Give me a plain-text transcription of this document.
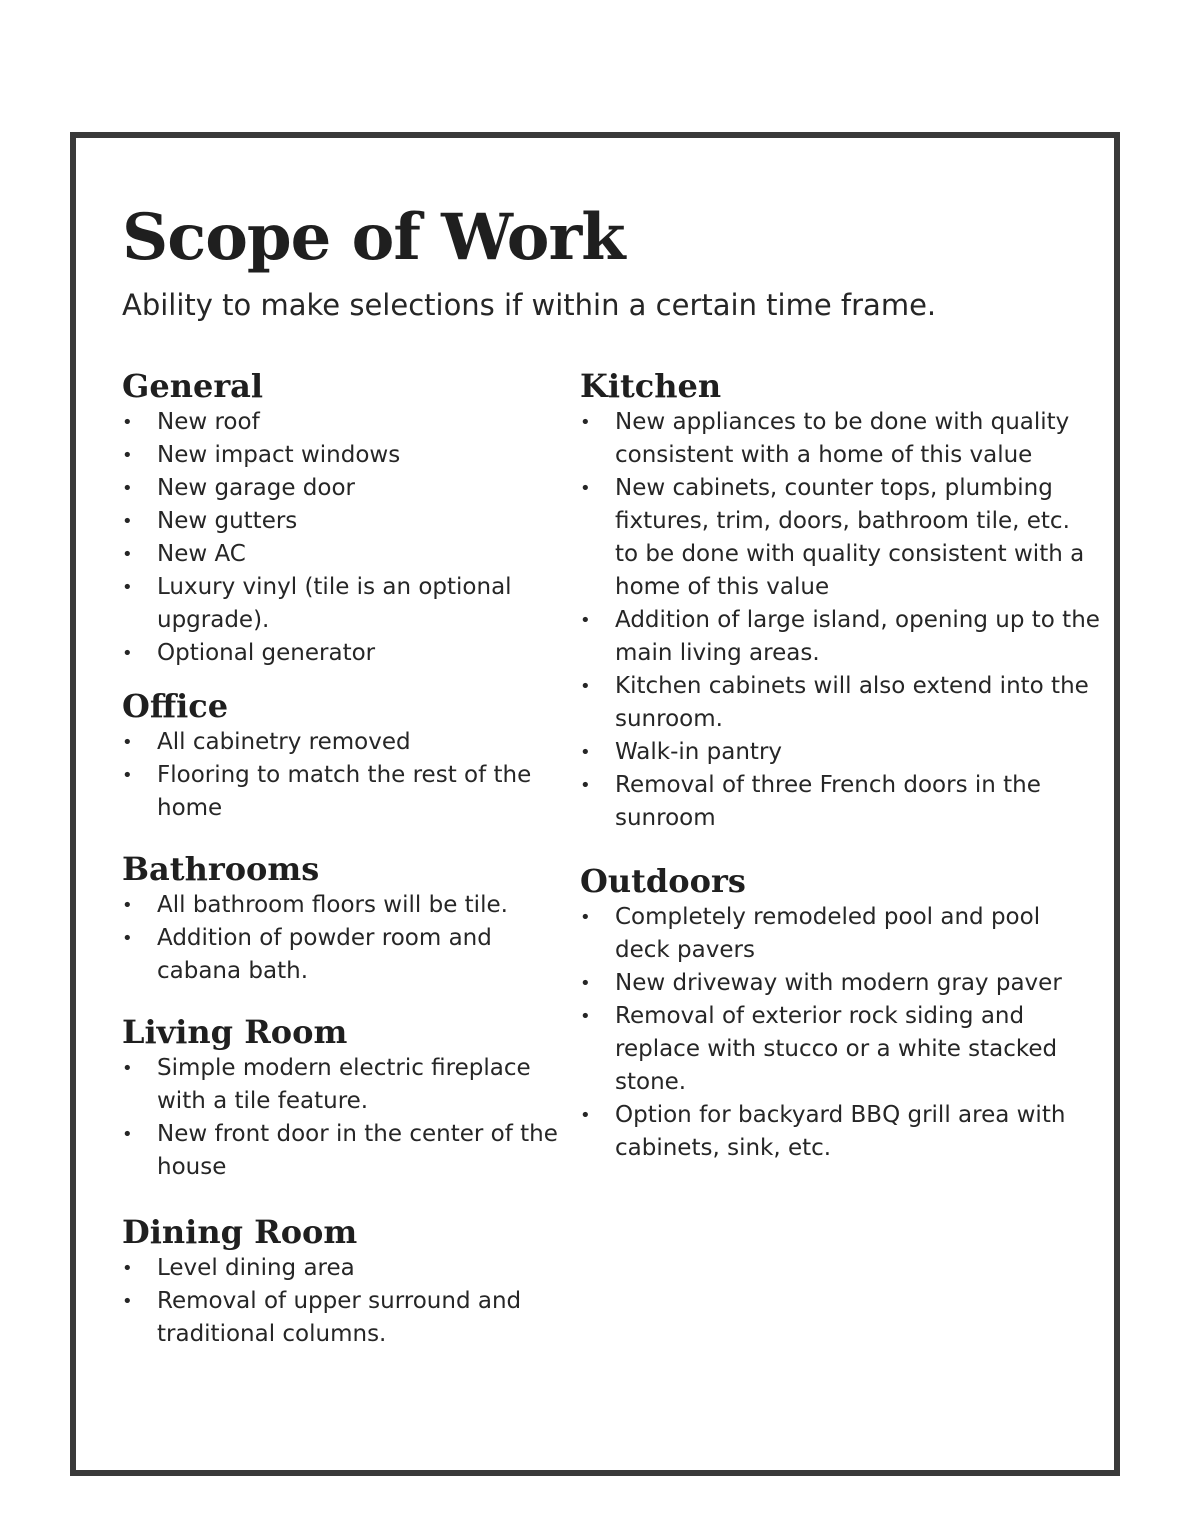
Scope of Work

Ability to make selections if within a certain time frame.

General
• New roof
• New impact windows
• New garage door
• New gutters
• New AC
• Luxury vinyl (tile is an optional upgrade).
• Optional generator
Office
• All cabinetry removed
• Flooring to match the rest of the home
Bathrooms
• All bathroom floors will be tile.
• Addition of powder room and cabana bath.
Living Room
• Simple modern electric fireplace with a tile feature.
• New front door in the center of the house
Dining Room
• Level dining area
• Removal of upper surround and traditional columns.
Kitchen
• New appliances to be done with quality consistent with a home of this value
• New cabinets, counter tops, plumbing fixtures, trim, doors, bathroom tile, etc. to be done with quality consistent with a home of this value
• Addition of large island, opening up to the main living areas.
• Kitchen cabinets will also extend into the sunroom.
• Walk-in pantry
• Removal of three French doors in the sunroom
Outdoors
• Completely remodeled pool and pool deck pavers
• New driveway with modern gray paver
• Removal of exterior rock siding and replace with stucco or a white stacked stone.
• Option for backyard BBQ grill area with cabinets, sink, etc.
